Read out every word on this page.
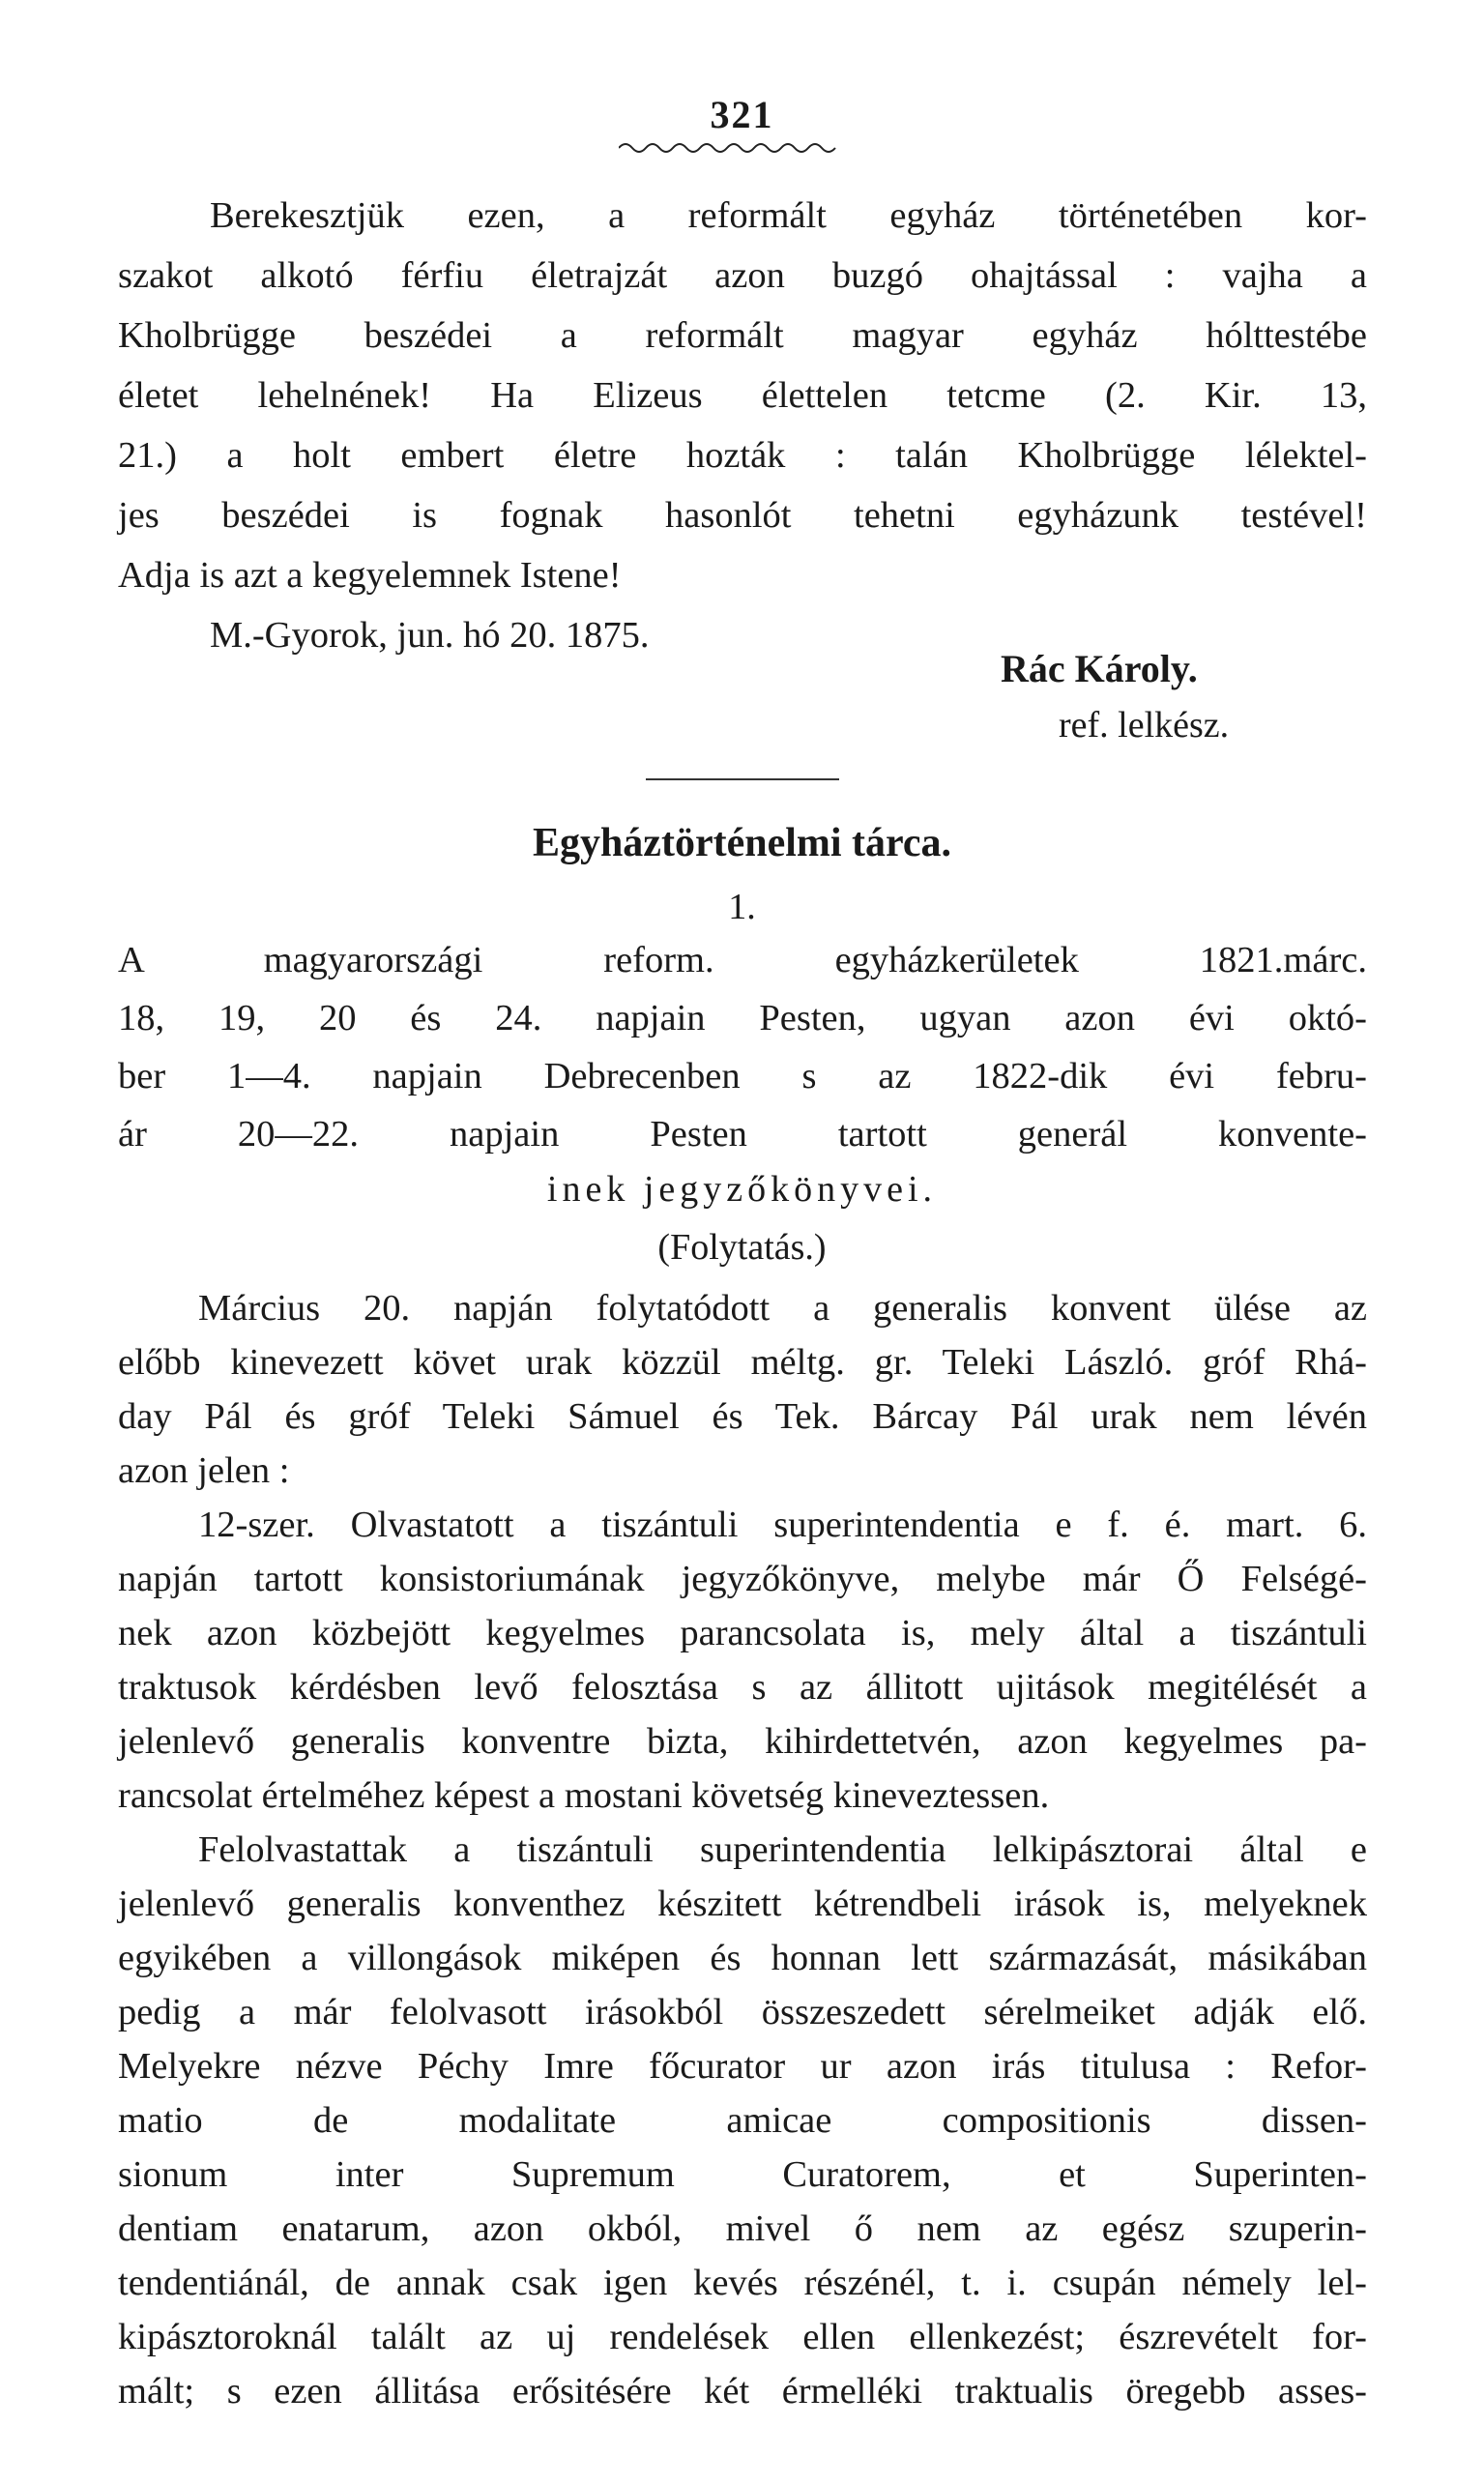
321
Berekesztjük ezen, a reformált egyház történetében kor-
szakot alkotó férfiu életrajzát azon buzgó ohajtással : vajha a
Kholbrügge beszédei a reformált magyar egyház hólttestébe
életet lehelnének! Ha Elizeus élettelen tetcme (2. Kir. 13,
21.) a holt embert életre hozták : talán Kholbrügge lélektel-
jes beszédei is fognak hasonlót tehetni egyházunk testével!
Adja is azt a kegyelemnek Istene!
M.-Gyorok, jun. hó 20. 1875.
Rác Károly.
ref. lelkész.
Egyháztörténelmi tárca.
1.
A magyarországi reform. egyházkerületek 1821.márc.
18, 19, 20 és 24. napjain Pesten, ugyan azon évi októ-
ber 1—4. napjain Debrecenben s az 1822-dik évi febru-
ár 20—22. napjain Pesten tartott generál konvente-
inek jegyzőkönyvei.
(Folytatás.)
Március 20. napján folytatódott a generalis konvent ülése az
előbb kinevezett követ urak közzül méltg. gr. Teleki László. gróf Rhá-
day Pál és gróf Teleki Sámuel és Tek. Bárcay Pál urak nem lévén
azon jelen :
12-szer. Olvastatott a tiszántuli superintendentia e f. é. mart. 6.
napján tartott konsistoriumának jegyzőkönyve, melybe már Ő Felségé-
nek azon közbejött kegyelmes parancsolata is, mely által a tiszántuli
traktusok kérdésben levő felosztása s az állitott ujitások megitélését a
jelenlevő generalis konventre bizta, kihirdettetvén, azon kegyelmes pa-
rancsolat értelméhez képest a mostani követség kineveztessen.
Felolvastattak a tiszántuli superintendentia lelkipásztorai által e
jelenlevő generalis konventhez készitett kétrendbeli irások is, melyeknek
egyikében a villongások miképen és honnan lett származását, másikában
pedig a már felolvasott irásokból összeszedett sérelmeiket adják elő.
Melyekre nézve Péchy Imre főcurator ur azon irás titulusa : Refor-
matio de modalitate amicae compositionis dissen-
sionum inter Supremum Curatorem, et Superinten-
dentiam enatarum, azon okból, mivel ő nem az egész szuperin-
tendentiánál, de annak csak igen kevés részénél, t. i. csupán némely lel-
kipásztoroknál talált az uj rendelések ellen ellenkezést; észrevételt for-
mált; s ezen állitása erősitésére két érmelléki traktualis öregebb asses-
